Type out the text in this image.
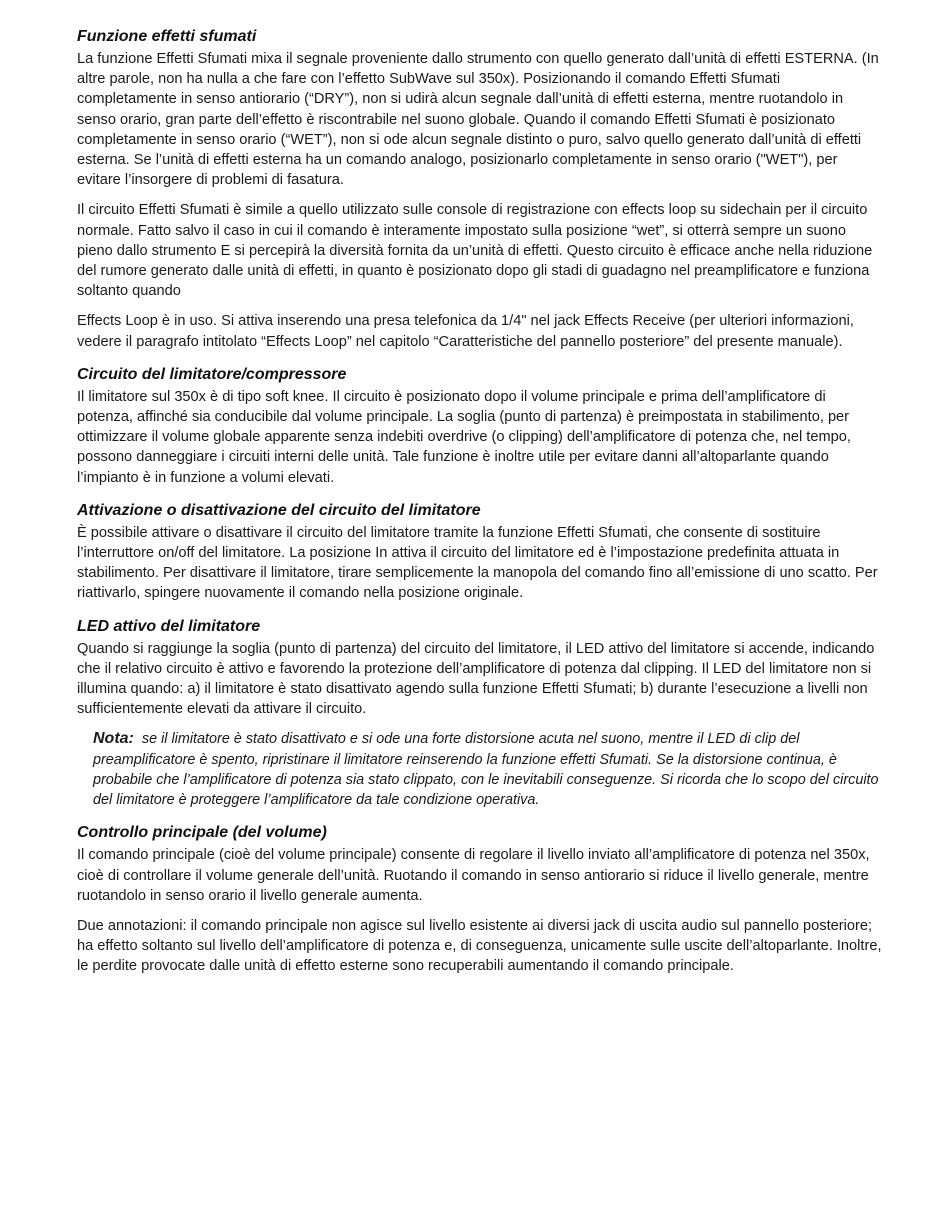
Funzione effetti sfumati

La funzione Effetti Sfumati mixa il segnale proveniente dallo strumento con quello generato dall’unità di effetti ESTERNA. (In altre parole, non ha nulla a che fare con l’effetto SubWave sul 350x). Posizionando il comando Effetti Sfumati completamente in senso antiorario (“DRY”), non si udirà alcun segnale dall’unità di effetti esterna, mentre ruotandolo in senso orario, gran parte dell’effetto è riscontrabile nel suono globale. Quando il comando Effetti Sfumati è posizionato completamente in senso orario (“WET”), non si ode alcun segnale distinto o puro, salvo quello generato dall’unità di effetti esterna. Se l’unità di effetti esterna ha un comando analogo, posizionarlo completamente in senso orario ("WET"), per evitare l’insorgere di problemi di fasatura.

Il circuito Effetti Sfumati è simile a quello utilizzato sulle console di registrazione con effects loop su sidechain per il circuito normale. Fatto salvo il caso in cui il comando è interamente impostato sulla posizione “wet”, si otterrà sempre un suono pieno dallo strumento E si percepirà la diversità fornita da un’unità di effetti. Questo circuito è efficace anche nella riduzione del rumore generato dalle unità di effetti, in quanto è posizionato dopo gli stadi di guadagno nel preamplificatore e funziona soltanto quando

Effects Loop è in uso. Si attiva inserendo una presa telefonica da 1/4" nel jack Effects Receive (per ulteriori informazioni, vedere il paragrafo intitolato “Effects Loop” nel capitolo “Caratteristiche del pannello posteriore” del presente manuale).

Circuito del limitatore/compressore

Il limitatore sul 350x è di tipo soft knee. Il circuito è posizionato dopo il volume principale e prima dell’amplificatore di potenza, affinché sia conducibile dal volume principale. La soglia (punto di partenza) è preimpostata in stabilimento, per ottimizzare il volume globale apparente senza indebiti overdrive (o clipping) dell’amplificatore di potenza che, nel tempo, possono danneggiare i circuiti interni delle unità. Tale funzione è inoltre utile per evitare danni all’altoparlante quando l’impianto è in funzione a volumi elevati.

Attivazione o disattivazione del circuito del limitatore

È possibile attivare o disattivare il circuito del limitatore tramite la funzione Effetti Sfumati, che consente di sostituire l’interruttore on/off del limitatore. La posizione In attiva il circuito del limitatore ed è l’impostazione predefinita attuata in stabilimento. Per disattivare il limitatore, tirare semplicemente la manopola del comando fino all’emissione di uno scatto. Per riattivarlo, spingere nuovamente il comando nella posizione originale.

LED attivo del limitatore

Quando si raggiunge la soglia (punto di partenza) del circuito del limitatore, il LED attivo del limitatore si accende, indicando che il relativo circuito è attivo e favorendo la protezione dell’amplificatore di potenza dal clipping. Il LED del limitatore non si illumina quando: a) il limitatore è stato disattivato agendo sulla funzione Effetti Sfumati; b) durante l’esecuzione a livelli non sufficientemente elevati da attivare il circuito.

Nota: se il limitatore è stato disattivato e si ode una forte distorsione acuta nel suono, mentre il LED di clip del preamplificatore è spento, ripristinare il limitatore reinserendo la funzione effetti Sfumati. Se la distorsione continua, è probabile che l’amplificatore di potenza sia stato clippato, con le inevitabili conseguenze. Si ricorda che lo scopo del circuito del limitatore è proteggere l’amplificatore da tale condizione operativa.

Controllo principale (del volume)

Il comando principale (cioè del volume principale) consente di regolare il livello inviato all’amplificatore di potenza nel 350x, cioè di controllare il volume generale dell’unità. Ruotando il comando in senso antiorario si riduce il livello generale, mentre ruotandolo in senso orario il livello generale aumenta.

Due annotazioni: il comando principale non agisce sul livello esistente ai diversi jack di uscita audio sul pannello posteriore; ha effetto soltanto sul livello dell’amplificatore di potenza e, di conseguenza, unicamente sulle uscite dell’altoparlante. Inoltre, le perdite provocate dalle unità di effetto esterne sono recuperabili aumentando il comando principale.
